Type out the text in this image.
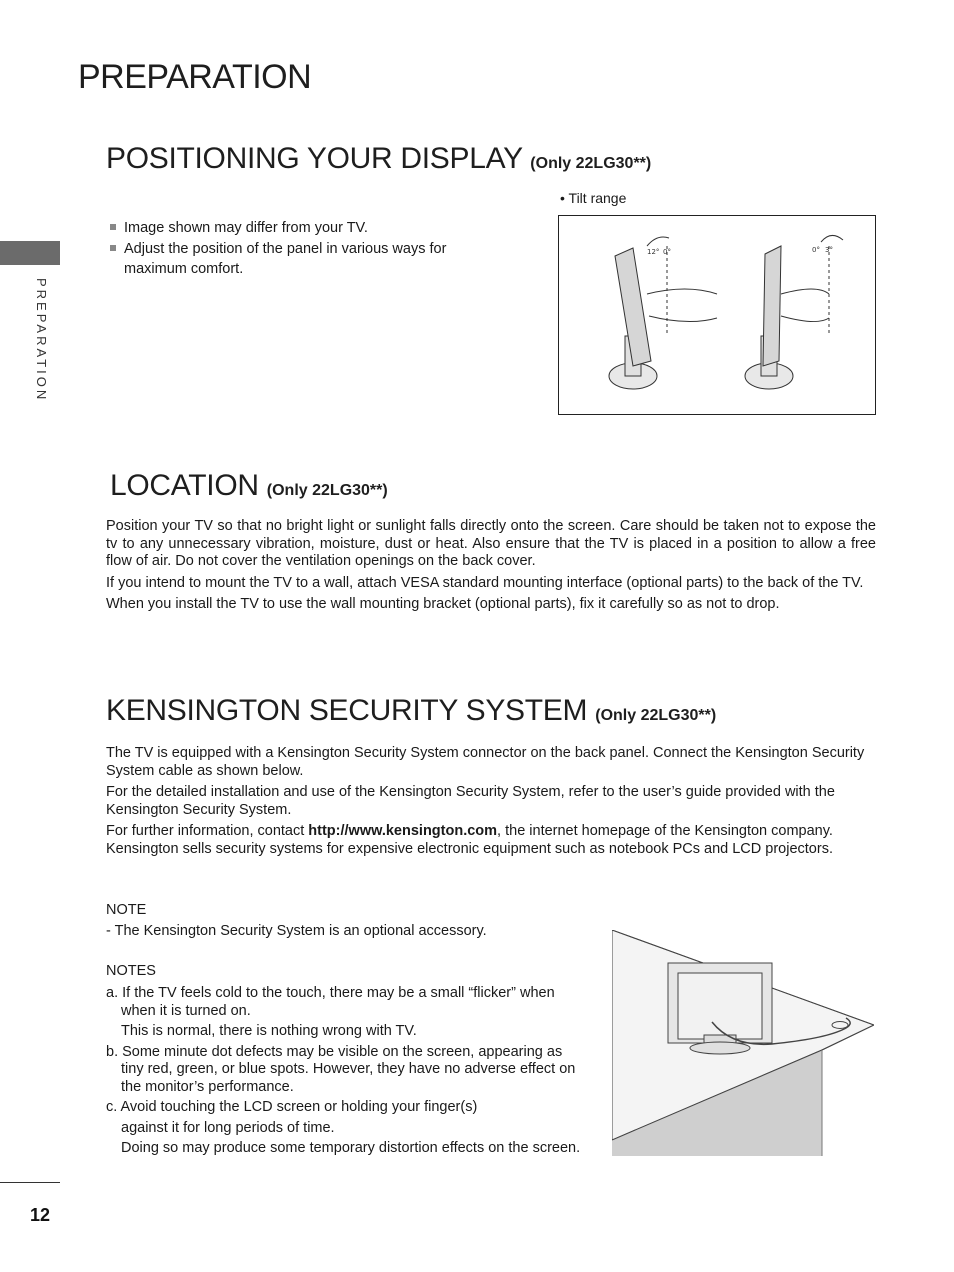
PREPARATION
PREPARATION
12
POSITIONING YOUR DISPLAY (Only 22LG30**)
Image shown may differ from your TV.
Adjust the position of the panel in various ways for maximum comfort.
• Tilt range
12° 0°	0° 3°
LOCATION (Only 22LG30**)

Position your TV so that no bright light or sunlight falls directly onto the screen. Care should be taken not to expose the tv to any unnecessary vibration, moisture, dust or heat. Also ensure that the TV is placed in a position to allow a free flow of air. Do not cover the ventilation openings on the back cover.

If you intend to mount the TV to a wall, attach VESA standard mounting interface (optional parts) to the back of the TV.

When you install the TV to use the wall mounting bracket (optional parts), fix it carefully so as not to drop.

KENSINGTON SECURITY SYSTEM (Only 22LG30**)

The TV is equipped with a Kensington Security System connector on the back panel. Connect the Kensington Security System cable as shown below.

For the detailed installation and use of the Kensington Security System, refer to the user’s guide provided with the Kensington Security System.

For further information, contact http://www.kensington.com, the internet homepage of the Kensington company. Kensington sells security systems for expensive electronic equipment such as notebook PCs and LCD projectors.

NOTE

- The Kensington Security System is an optional accessory.

NOTES

a. If the TV feels cold to the touch, there may be a small “flicker” when

when it is turned on.

This is normal, there is nothing wrong with TV.

b. Some minute dot defects may be visible on the screen, appearing as

tiny red, green, or blue spots. However, they have no adverse effect on

the monitor’s performance.

c. Avoid touching the LCD screen or holding your finger(s)

against it for long periods of time.

Doing so may produce some temporary distortion effects on the screen.
